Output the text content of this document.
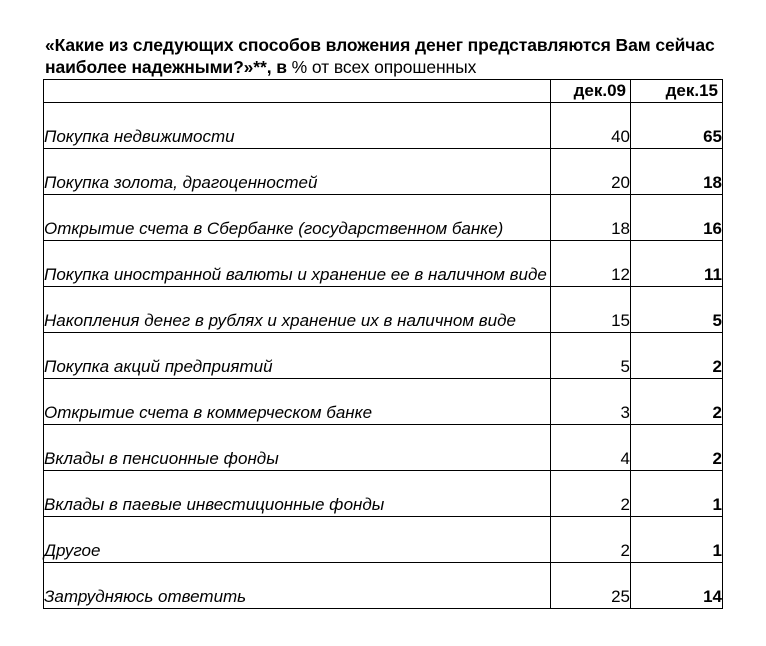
«Какие из следующих способов вложения денег представляются Вам сейчас наиболее надежными?»**, в % от всех опрошенных
	дек.09	дек.15
Покупка недвижимости	40	65
Покупка золота, драгоценностей	20	18
Открытие счета в Сбербанке (государственном банке)	18	16
Покупка иностранной валюты и хранение ее в наличном виде	12	11
Накопления денег в рублях и хранение их в наличном виде	15	5
Покупка акций предприятий	5	2
Открытие счета в коммерческом банке	3	2
Вклады в пенсионные фонды	4	2
Вклады в паевые инвестиционные фонды	2	1
Другое	2	1
Затрудняюсь ответить	25	14
